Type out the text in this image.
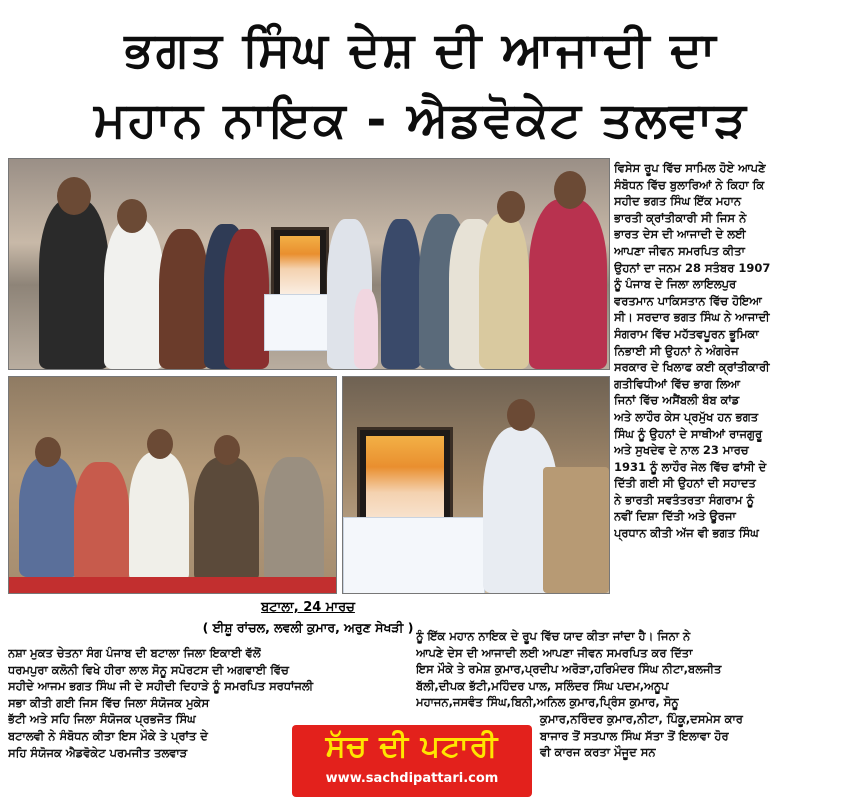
ਭਗਤ ਸਿੰਘ ਦੇਸ਼ ਦੀ ਆਜਾਦੀ ਦਾ
ਮਹਾਨ ਨਾਇਕ - ਐਡਵੋਕੇਟ ਤਲਵਾੜ
ਵਿਸੇਸ ਰੂਪ ਵਿੱਚ ਸਾਮਿਲ ਹੋਏ ਆਪਣੇ
ਸੰਬੋਧਨ ਵਿੱਚ ਬੁਲਾਰਿਆਂ ਨੇ ਕਿਹਾ ਕਿ
ਸਹੀਦ ਭਗਤ ਸਿੰਘ ਇੱਕ ਮਹਾਨ
ਭਾਰਤੀ ਕ੍ਰਾਂਤੀਕਾਰੀ ਸੀ ਜਿਸ ਨੇ
ਭਾਰਤ ਦੇਸ ਦੀ ਆਜਾਦੀ ਦੇ ਲਈ
ਆਪਣਾ ਜੀਵਨ ਸਮਰਪਿਤ ਕੀਤਾ
ਉਹਨਾਂ ਦਾ ਜਨਮ 28 ਸਤੰਬਰ 1907
ਨੂੰ ਪੰਜਾਬ ਦੇ ਜਿਲਾ ਲਾਇਲਪੁਰ
ਵਰਤਮਾਨ ਪਾਕਿਸਤਾਨ ਵਿੱਚ ਹੋਇਆ
ਸੀ। ਸਰਦਾਰ ਭਗਤ ਸਿੰਘ ਨੇ ਆਜਾਦੀ
ਸੰਗਰਾਮ ਵਿੱਚ ਮਹੱਤਵਪੂਰਨ ਭੂਮਿਕਾ
ਨਿਭਾਈ ਸੀ ਉਹਨਾਂ ਨੇ ਅੰਗਰੇਜ
ਸਰਕਾਰ ਦੇ ਖਿਲਾਫ ਕਈ ਕ੍ਰਾਂਤੀਕਾਰੀ
ਗਤੀਵਿਧੀਆਂ ਵਿੱਚ ਭਾਗ ਲਿਆ
ਜਿਨਾਂ ਵਿੱਚ ਅਸੈਂਬਲੀ ਬੰਬ ਕਾਂਡ
ਅਤੇ ਲਾਹੌਰ ਕੇਸ ਪ੍ਰਮੁੱਖ ਹਨ ਭਗਤ
ਸਿੰਘ ਨੂੰ ਉਹਨਾਂ ਦੇ ਸਾਥੀਆਂ ਰਾਜਗੁਰੂ
ਅਤੇ ਸੁਖਦੇਵ ਦੇ ਨਾਲ 23 ਮਾਰਚ
1931 ਨੂੰ ਲਾਹੌਰ ਜੇਲ ਵਿੱਚ ਫਾਂਸੀ ਦੇ
ਦਿੱਤੀ ਗਈ ਸੀ ਉਹਨਾਂ ਦੀ ਸਹਾਦਤ
ਨੇ ਭਾਰਤੀ ਸਵਤੰਤਰਤਾ ਸੰਗਰਾਮ ਨੂੰ
ਨਵੀਂ ਦਿਸ਼ਾ ਦਿੱਤੀ ਅਤੇ ਊਰਜਾ
ਪ੍ਰਧਾਨ ਕੀਤੀ ਅੱਜ ਵੀ ਭਗਤ ਸਿੰਘ
ਬਟਾਲਾ, 24 ਮਾਰਚ
( ਈਸ਼ੂ ਰਾਂਚਲ, ਲਵਲੀ ਕੁਮਾਰ, ਅਰੁਣ ਸੇਖੜੀ )
ਨਸ਼ਾ ਮੁਕਤ ਚੇਤਨਾ ਸੰਗ ਪੰਜਾਬ ਦੀ ਬਟਾਲਾ ਜਿਲਾ ਇਕਾਈ ਵੱਲੋਂ
ਧਰਮਪੁਰਾ ਕਲੋਨੀ ਵਿਖੇ ਹੀਰਾ ਲਾਲ ਸੋਨੂ ਸਪੋਰਟਸ ਦੀ ਅਗਵਾਈ ਵਿੱਚ
ਸਹੀਦੇ ਆਜਮ ਭਗਤ ਸਿੰਘ ਜੀ ਦੇ ਸਹੀਦੀ ਦਿਹਾੜੇ ਨੂੰ ਸਮਰਪਿਤ ਸਰਧਾਂਜਲੀ
ਸਭਾ ਕੀਤੀ ਗਈ ਜਿਸ ਵਿੱਚ ਜਿਲਾ ਸੰਯੋਜਕ ਮੁਕੇਸ
ਭੱਟੀ ਅਤੇ ਸਹਿ ਜਿਲਾ ਸੰਯੋਜਕ ਪ੍ਰਭਜੋਤ ਸਿੰਘ
ਬਟਾਲਵੀ ਨੇ ਸੰਬੋਧਨ ਕੀਤਾ ਇਸ ਮੌਕੇ ਤੇ ਪ੍ਰਾਂਤ ਦੇ
ਸਹਿ ਸੰਯੋਜਕ ਐਡਵੋਕੇਟ ਪਰਮਜੀਤ ਤਲਵਾੜ
ਨੂੰ ਇੱਕ ਮਹਾਨ ਨਾਇਕ ਦੇ ਰੂਪ ਵਿੱਚ ਯਾਦ ਕੀਤਾ ਜਾਂਦਾ ਹੈ। ਜਿਨਾ ਨੇ
ਆਪਣੇ ਦੇਸ ਦੀ ਆਜਾਦੀ ਲਈ ਆਪਣਾ ਜੀਵਨ ਸਮਰਪਿਤ ਕਰ ਦਿੱਤਾ
ਇਸ ਮੌਕੇ ਤੇ ਰਮੇਸ਼ ਕੁਮਾਰ,ਪ੍ਰਦੀਪ ਅਰੋੜਾ,ਹਰਿਮੰਦਰ ਸਿੰਘ ਨੀਟਾ,ਬਲਜੀਤ
ਬੱਲੀ,ਦੀਪਕ ਭੱਟੀ,ਮਹਿੰਦਰ ਪਾਲ, ਸਲਿੰਦਰ ਸਿੰਘ ਪਦਮ,ਅਨੂਪ
ਮਹਾਜਨ,ਜਸਵੰਤ ਸਿੰਘ,ਬਿਨੀ,ਅਨਿਲ ਕੁਮਾਰ,ਪ੍ਰਿੰਸ ਕੁਮਾਰ, ਸੋਨੂ
ਕੁਮਾਰ,ਨਰਿੰਦਰ ਕੁਮਾਰ,ਨੀਟਾ, ਪਿੰਕੂ,ਦਸਮੇਸ ਕਾਰ
ਬਾਜਾਰ ਤੋਂ ਸਤਪਾਲ ਸਿੰਘ ਸੱਤਾ ਤੋਂ ਇਲਾਵਾ ਹੋਰ
ਵੀ ਕਾਰਜ ਕਰਤਾ ਮੌਜੂਦ ਸਨ
ਸੱਚ ਦੀ ਪਟਾਰੀ
www.sachdipattari.com
